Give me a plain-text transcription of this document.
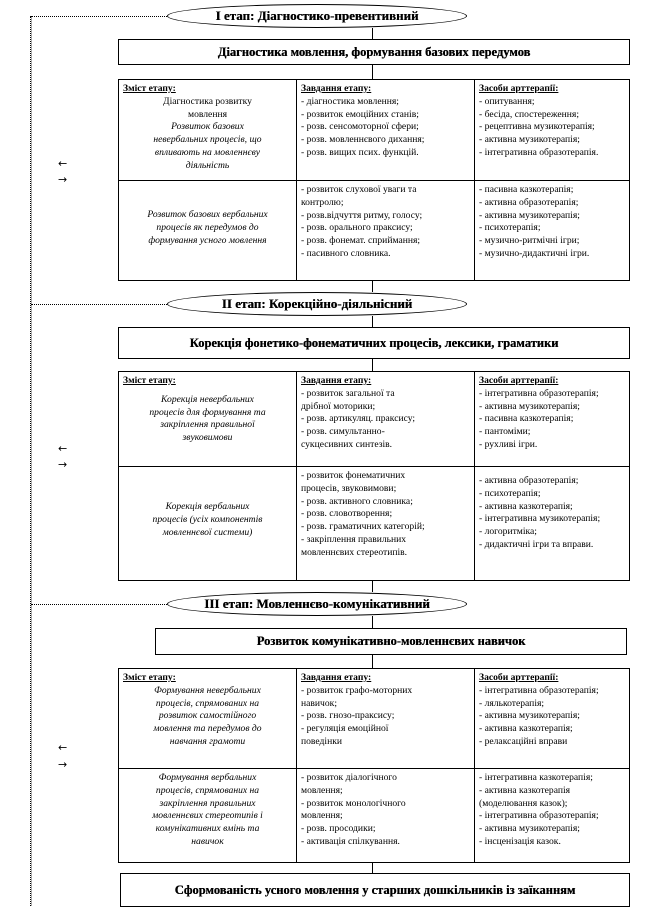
←
→
←
→
←
→
І етап: Діагностико-превентивний
Діагностика мовлення, формування базових передумов
Зміст етапу:
Діагностика розвитку
мовлення
Розвиток базових
невербальних процесів, що
впливають на мовленнєву
діяльність
Завдання етапу:
- діагностика мовлення;
- розвиток емоційних станів;
- розв. сенсомоторної сфери;
- розв. мовленнєвого дихання;
- розв. вищих псих. функцій.
Засоби арттерапії:
- опитування;
- бесіда, спостереження;
- рецептивна музикотерапія;
- активна музикотерапія;
- інтегративна образотерапія.
Розвиток базових вербальних
процесів як передумов до
формування усного мовлення
- розвиток слухової уваги та
контролю;
- розв.відчуття ритму, голосу;
- розв. орального праксису;
- розв. фонемат. сприймання;
- пасивного словника.
- пасивна казкотерапія;
- активна образотерапія;
- активна музикотерапія;
- психотерапія;
- музично-ритмічні ігри;
- музично-дидактичні ігри.
ІІ етап: Корекційно-діяльнісний
Корекція фонетико-фонематичних процесів, лексики, граматики
Зміст етапу:
Корекція невербальних
процесів для формування та
закріплення правильної
звуковимови
Завдання етапу:
- розвиток загальної та
дрібної моторики;
- розв. артикуляц. праксису;
- розв. симультанно-
сукцесивних синтезів.
Засоби арттерапії:
- інтегративна образотерапія;
- активна музикотерапія;
- пасивна казкотерапія;
- пантоміми;
- рухливі ігри.
Корекція вербальних
процесів (усіх компонентів
мовленнєвої системи)
- розвиток фонематичних
процесів, звуковимови;
- розв. активного словника;
- розв. словотворення;
- розв. граматичних категорій;
- закріплення правильних
мовленнєвих стереотипів.
- активна образотерапія;
- психотерапія;
- активна казкотерапія;
- інтегративна музикотерапія;
- логоритміка;
- дидактичні ігри та вправи.
ІІІ етап: Мовленнєво-комунікативний
Розвиток комунікативно-мовленнєвих навичок
Зміст етапу:
Формування невербальних
процесів, спрямованих на
розвиток самостійного
мовлення та передумов до
навчання грамоти
Завдання етапу:
- розвиток графо-моторних
навичок;
- розв. гнозо-праксису;
- регуляція емоційної
поведінки
Засоби арттерапії:
- інтегративна образотерапія;
- лялькотерапія;
- активна музикотерапія;
- активна казкотерапія;
- релаксаційні вправи
Формування вербальних
процесів, спрямованих на
закріплення правильних
мовленнєвих стереотипів і
комунікативних вмінь та
навичок
- розвиток діалогічного
мовлення;
- розвиток монологічного
мовлення;
- розв. просодики;
- активація спілкування.
- інтегративна казкотерапія;
- активна казкотерапія
(моделювання казок);
- інтегративна образотерапія;
- активна музикотерапія;
- інсценізація казок.
Сформованість усного мовлення у старших дошкільників із заїканням
